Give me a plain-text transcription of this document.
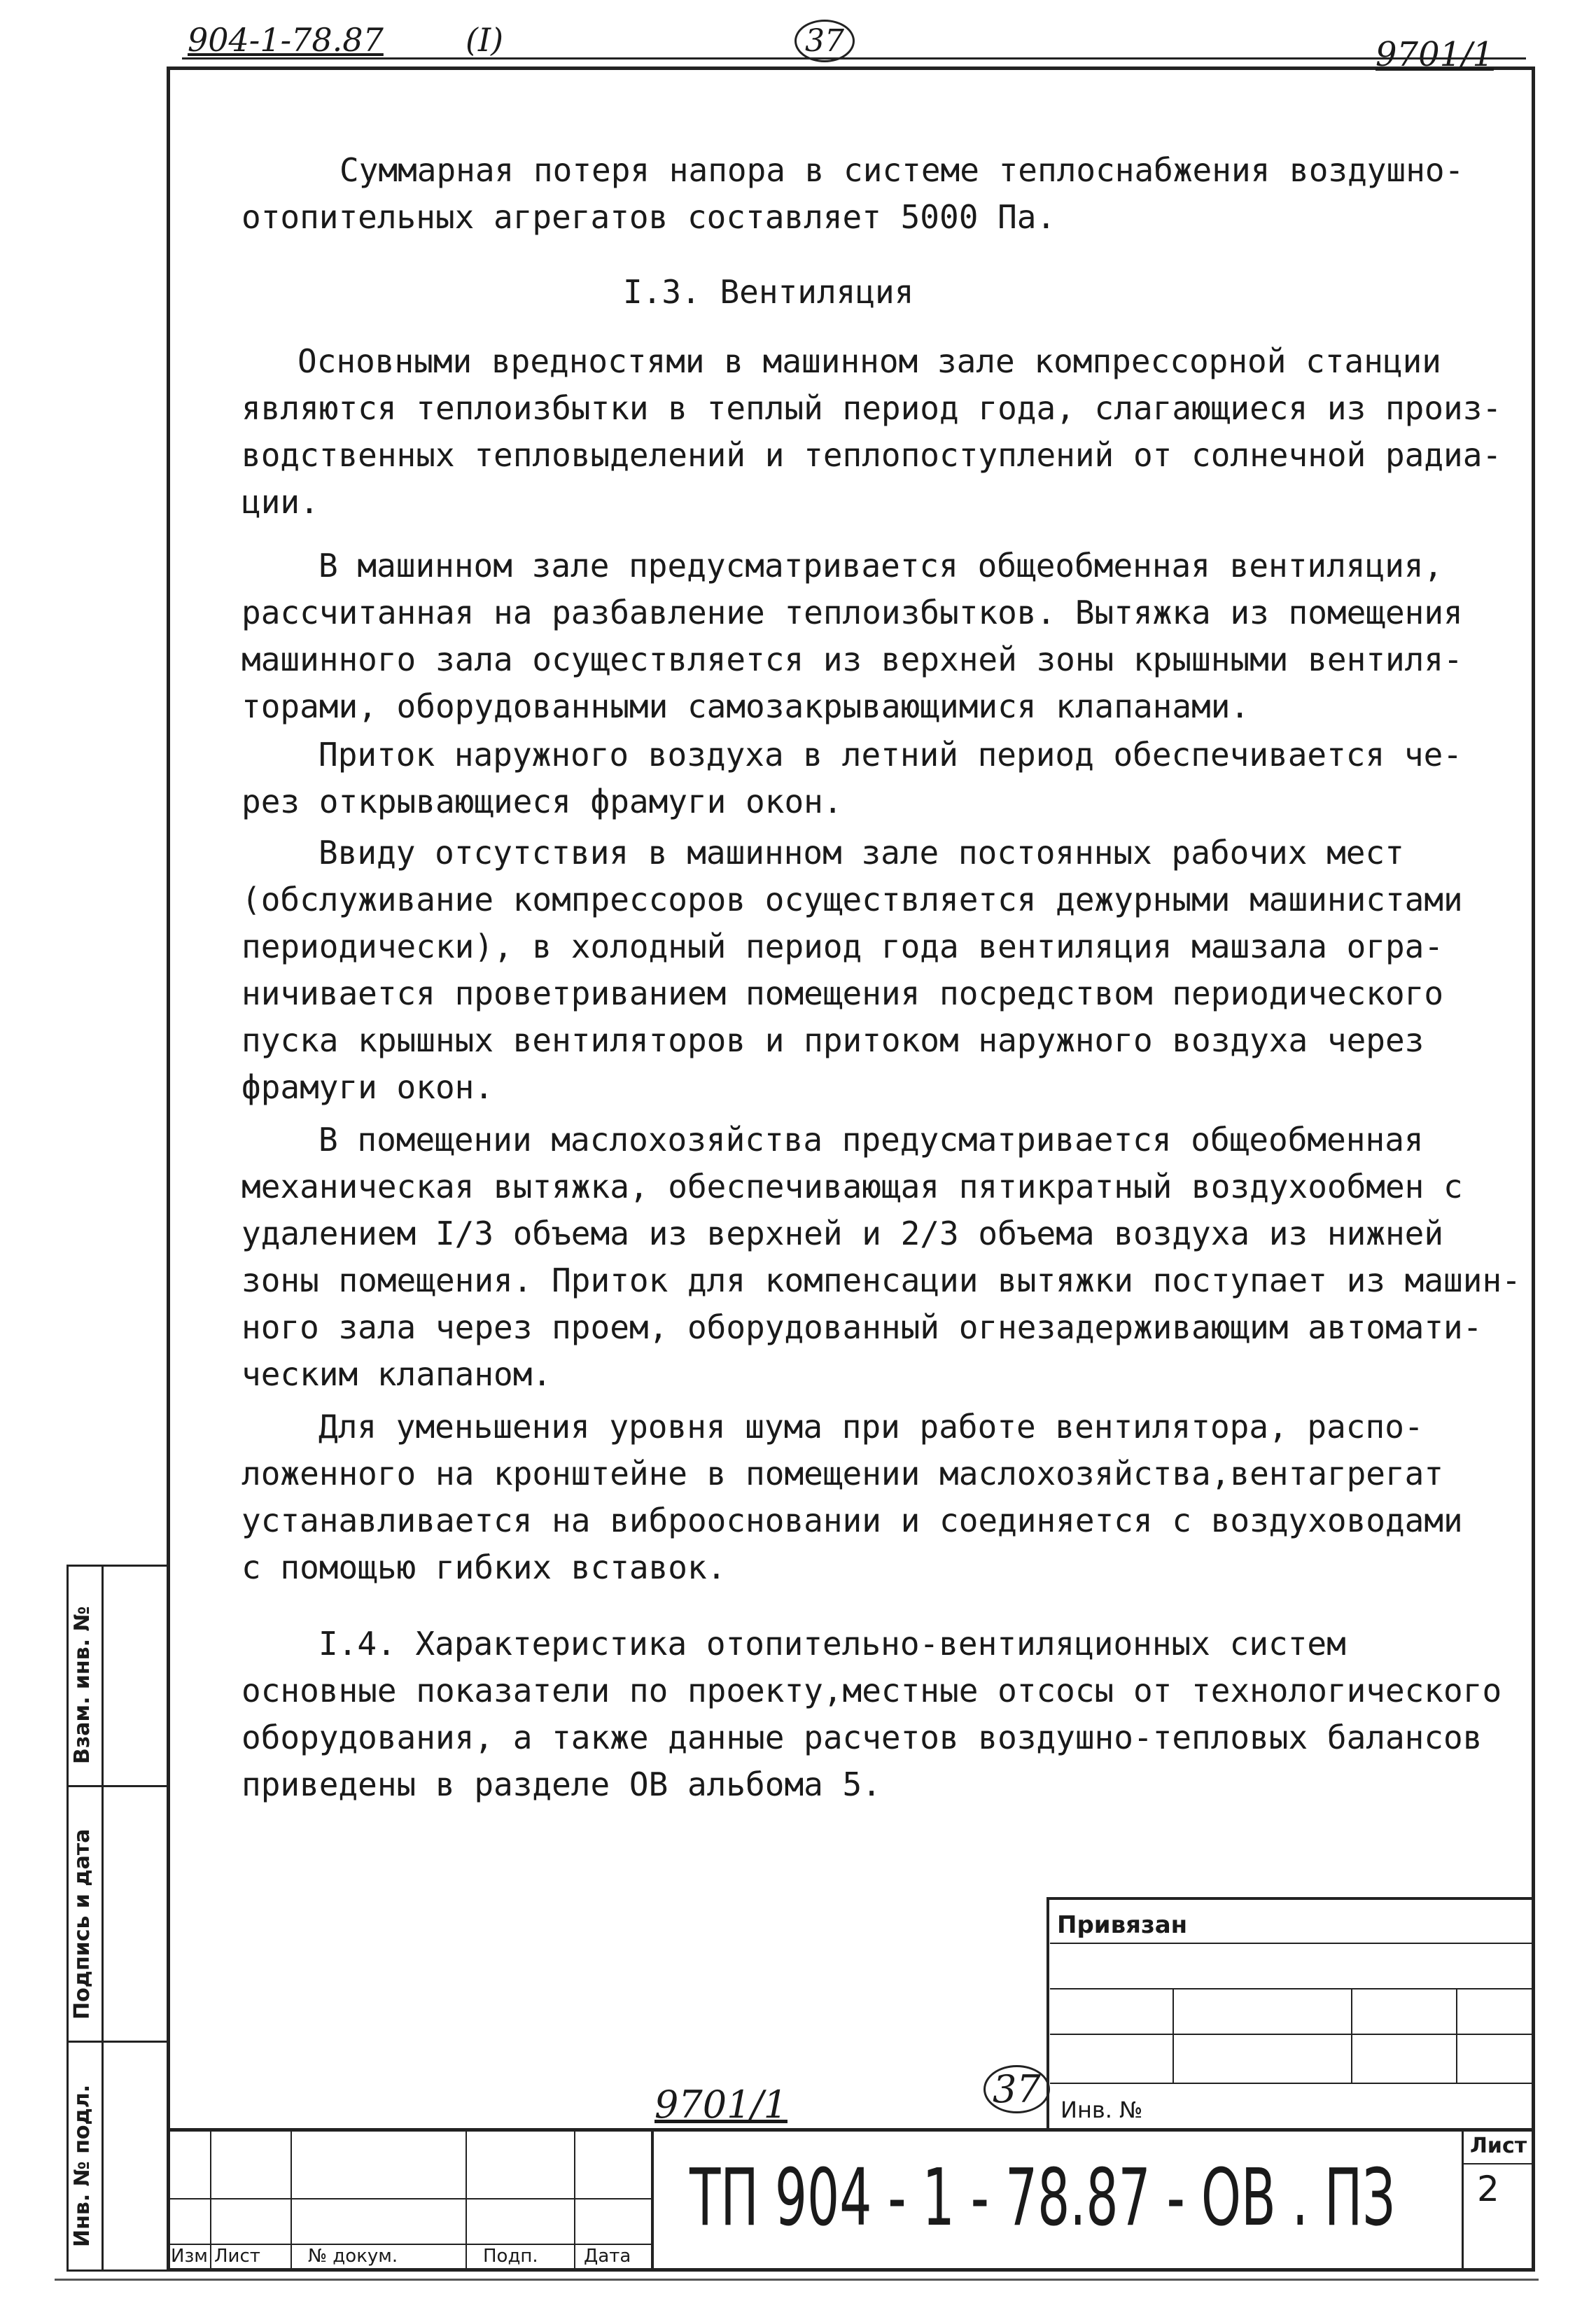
904-1-78.87	(I)	37	9701/1
Суммарная потеря напора в системе теплоснабжения воздушно-
отопительных агрегатов составляет 5000 Па.
I.3. Вентиляция
Основными вредностями в машинном зале компрессорной станции
являются теплоизбытки в теплый период года, слагающиеся из произ-
водственных тепловыделений и теплопоступлений от солнечной радиа-
ции.
В машинном зале предусматривается общеобменная вентиляция,
рассчитанная на разбавление теплоизбытков. Вытяжка из помещения
машинного зала осуществляется из верхней зоны крышными вентиля-
торами, оборудованными самозакрывающимися клапанами.
Приток наружного воздуха в летний период обеспечивается че-
рез открывающиеся фрамуги окон.
Ввиду отсутствия в машинном зале постоянных рабочих мест
(обслуживание компрессоров осуществляется дежурными машинистами
периодически), в холодный период года вентиляция машзала огра-
ничивается проветриванием помещения посредством периодического
пуска крышных вентиляторов и притоком наружного воздуха через
фрамуги окон.
В помещении маслохозяйства предусматривается общеобменная
механическая вытяжка, обеспечивающая пятикратный воздухообмен с
удалением I/3 объема из верхней и 2/3 объема воздуха из нижней
зоны помещения. Приток для компенсации вытяжки поступает из машин-
ного зала через проем, оборудованный огнезадерживающим автомати-
ческим клапаном.
Для уменьшения уровня шума при работе вентилятора, распо-
ложенного на кронштейне в помещении маслохозяйства,вентагрегат
устанавливается на виброосновании и соединяется с воздуховодами
с помощью гибких вставок.
I.4. Характеристика отопительно-вентиляционных систем
основные показатели по проекту,местные отсосы от технологического
оборудования, а также данные расчетов воздушно-тепловых балансов
приведены в разделе ОВ альбома 5.
Взам. инв. №
Подпись и дата
Инв. № подл.
Привязан
Инв. №
9701/1	37
Изм Лист	№ докум.	Подп.	Дата
ТП 904 - 1 - 78.87 - ОВ . ПЗ
Лист
2
